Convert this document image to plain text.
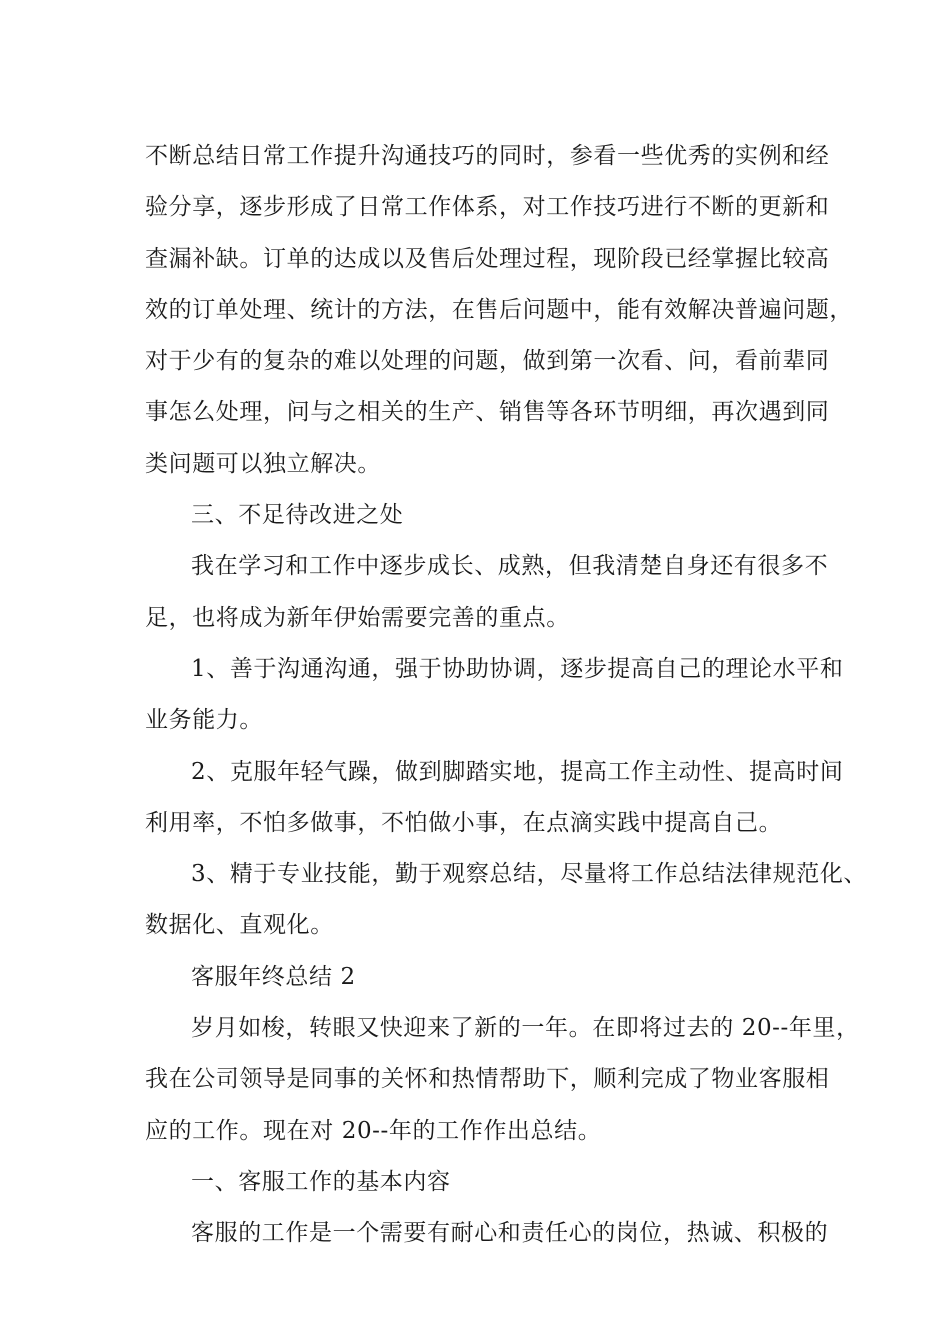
不断总结日常工作提升沟通技巧的同时，参看一些优秀的实例和经
验分享，逐步形成了日常工作体系，对工作技巧进行不断的更新和
查漏补缺。订单的达成以及售后处理过程，现阶段已经掌握比较高
效的订单处理、统计的方法，在售后问题中，能有效解决普遍问题，
对于少有的复杂的难以处理的问题，做到第一次看、问，看前辈同
事怎么处理，问与之相关的生产、销售等各环节明细，再次遇到同
类问题可以独立解决。
三、不足待改进之处
我在学习和工作中逐步成长、成熟，但我清楚自身还有很多不
足，也将成为新年伊始需要完善的重点。
1、善于沟通沟通，强于协助协调，逐步提高自己的理论水平和
业务能力。
2、克服年轻气躁，做到脚踏实地，提高工作主动性、提高时间
利用率，不怕多做事，不怕做小事，在点滴实践中提高自己。
3、精于专业技能，勤于观察总结，尽量将工作总结法律规范化、
数据化、直观化。
客服年终总结 2
岁月如梭，转眼又快迎来了新的一年。在即将过去的 20--年里，
我在公司领导是同事的关怀和热情帮助下，顺利完成了物业客服相
应的工作。现在对 20--年的工作作出总结。
一、客服工作的基本内容
客服的工作是一个需要有耐心和责任心的岗位，热诚、积极的
